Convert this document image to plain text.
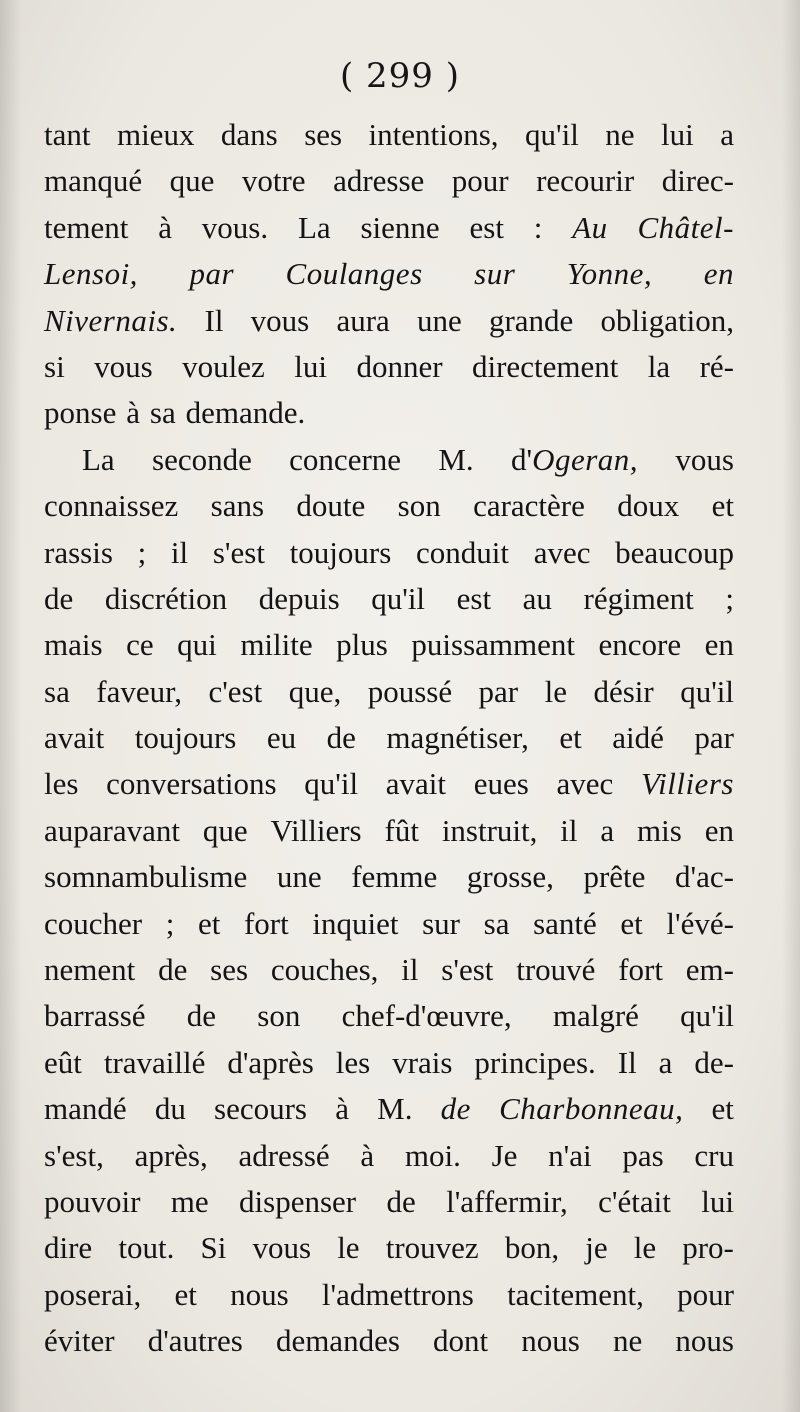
( 299 )
tant mieux dans ses intentions, qu'il ne lui a
manqué que votre adresse pour recourir direc-
tement à vous. La sienne est : Au Châtel-
Lensoi, par Coulanges sur Yonne, en
Nivernais. Il vous aura une grande obligation,
si vous voulez lui donner directement la ré-
ponse à sa demande.
La seconde concerne M. d'Ogeran, vous
connaissez sans doute son caractère doux et
rassis ; il s'est toujours conduit avec beaucoup
de discrétion depuis qu'il est au régiment ;
mais ce qui milite plus puissamment encore en
sa faveur, c'est que, poussé par le désir qu'il
avait toujours eu de magnétiser, et aidé par
les conversations qu'il avait eues avec Villiers
auparavant que Villiers fût instruit, il a mis en
somnambulisme une femme grosse, prête d'ac-
coucher ; et fort inquiet sur sa santé et l'évé-
nement de ses couches, il s'est trouvé fort em-
barrassé de son chef-d'œuvre, malgré qu'il
eût travaillé d'après les vrais principes. Il a de-
mandé du secours à M. de Charbonneau, et
s'est, après, adressé à moi. Je n'ai pas cru
pouvoir me dispenser de l'affermir, c'était lui
dire tout. Si vous le trouvez bon, je le pro-
poserai, et nous l'admettrons tacitement, pour
éviter d'autres demandes dont nous ne nous
